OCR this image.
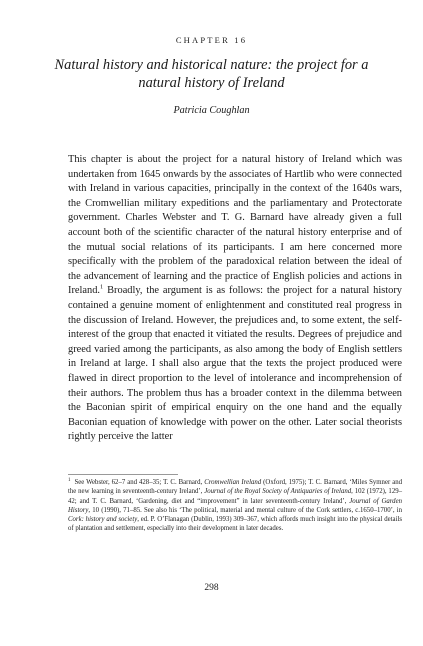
CHAPTER 16
Natural history and historical nature: the project for a natural history of Ireland
Patricia Coughlan
This chapter is about the project for a natural history of Ireland which was undertaken from 1645 onwards by the associates of Hartlib who were connected with Ireland in various capacities, principally in the context of the 1640s wars, the Cromwellian military expeditions and the parliamentary and Protectorate government. Charles Webster and T. G. Barnard have already given a full account both of the scientific character of the natural history enterprise and of the mutual social relations of its participants. I am here concerned more specifically with the problem of the paradoxical relation between the ideal of the advancement of learning and the practice of English policies and actions in Ireland.$^1$ Broadly, the argument is as follows: the project for a natural history contained a genuine moment of enlightenment and constituted real progress in the discussion of Ireland. However, the prejudices and, to some extent, the self-interest of the group that enacted it vitiated the results. Degrees of prejudice and greed varied among the participants, as also among the body of English settlers in Ireland at large. I shall also argue that the texts the project produced were flawed in direct proportion to the level of intolerance and incomprehension of their authors. The problem thus has a broader context in the dilemma between the Baconian spirit of empirical enquiry on the one hand and the equally Baconian equation of knowledge with power on the other. Later social theorists rightly perceive the latter
$^1$ See Webster, 62–7 and 428–35; T. C. Barnard, Cromwellian Ireland (Oxford, 1975); T. C. Barnard, ‘Miles Symner and the new learning in seventeenth-century Ireland’, Journal of the Royal Society of Antiquaries of Ireland, 102 (1972), 129–42; and T. C. Barnard, ‘Gardening, diet and “improvement” in later seventeenth-century Ireland’, Journal of Garden History, 10 (1990), 71–85. See also his ‘The political, material and mental culture of the Cork settlers, c.1650–1700’, in Cork: history and society, ed. P. O’Flanagan (Dublin, 1993) 309–367, which affords much insight into the physical details of plantation and settlement, especially into their development in later decades.
298
